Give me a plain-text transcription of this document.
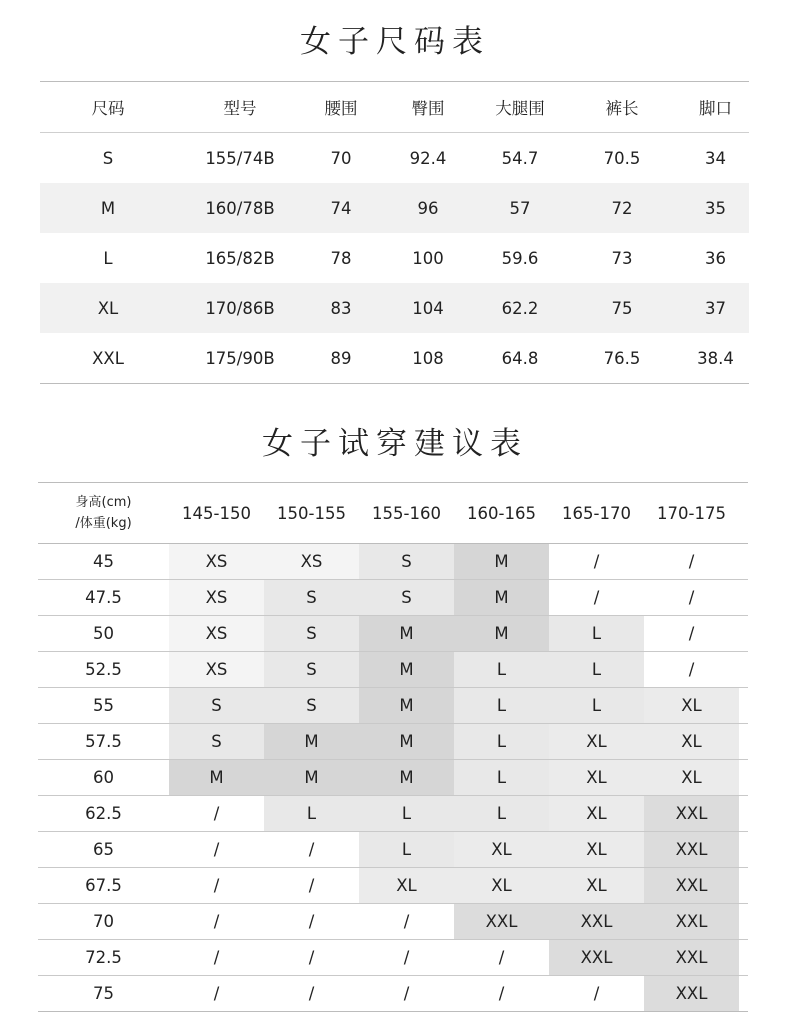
女子尺码表
尺码	型号	腰围	臀围	大腿围	裤长	脚口
S	155/74B	70	92.4	54.7	70.5	34
M	160/78B	74	96	57	72	35
L	165/82B	78	100	59.6	73	36
XL	170/86B	83	104	62.2	75	37
XXL	175/90B	89	108	64.8	76.5	38.4
女子试穿建议表
身高(cm)
/体重(kg)
145-150	150-155	155-160	160-165	165-170	170-175
45	XS	XS	S	M	/	/
47.5	XS	S	S	M	/	/
50	XS	S	M	M	L	/
52.5	XS	S	M	L	L	/
55	S	S	M	L	L	XL
57.5	S	M	M	L	XL	XL
60	M	M	M	L	XL	XL
62.5	/	L	L	L	XL	XXL
65	/	/	L	XL	XL	XXL
67.5	/	/	XL	XL	XL	XXL
70	/	/	/	XXL	XXL	XXL
72.5	/	/	/	/	XXL	XXL
75	/	/	/	/	/	XXL
